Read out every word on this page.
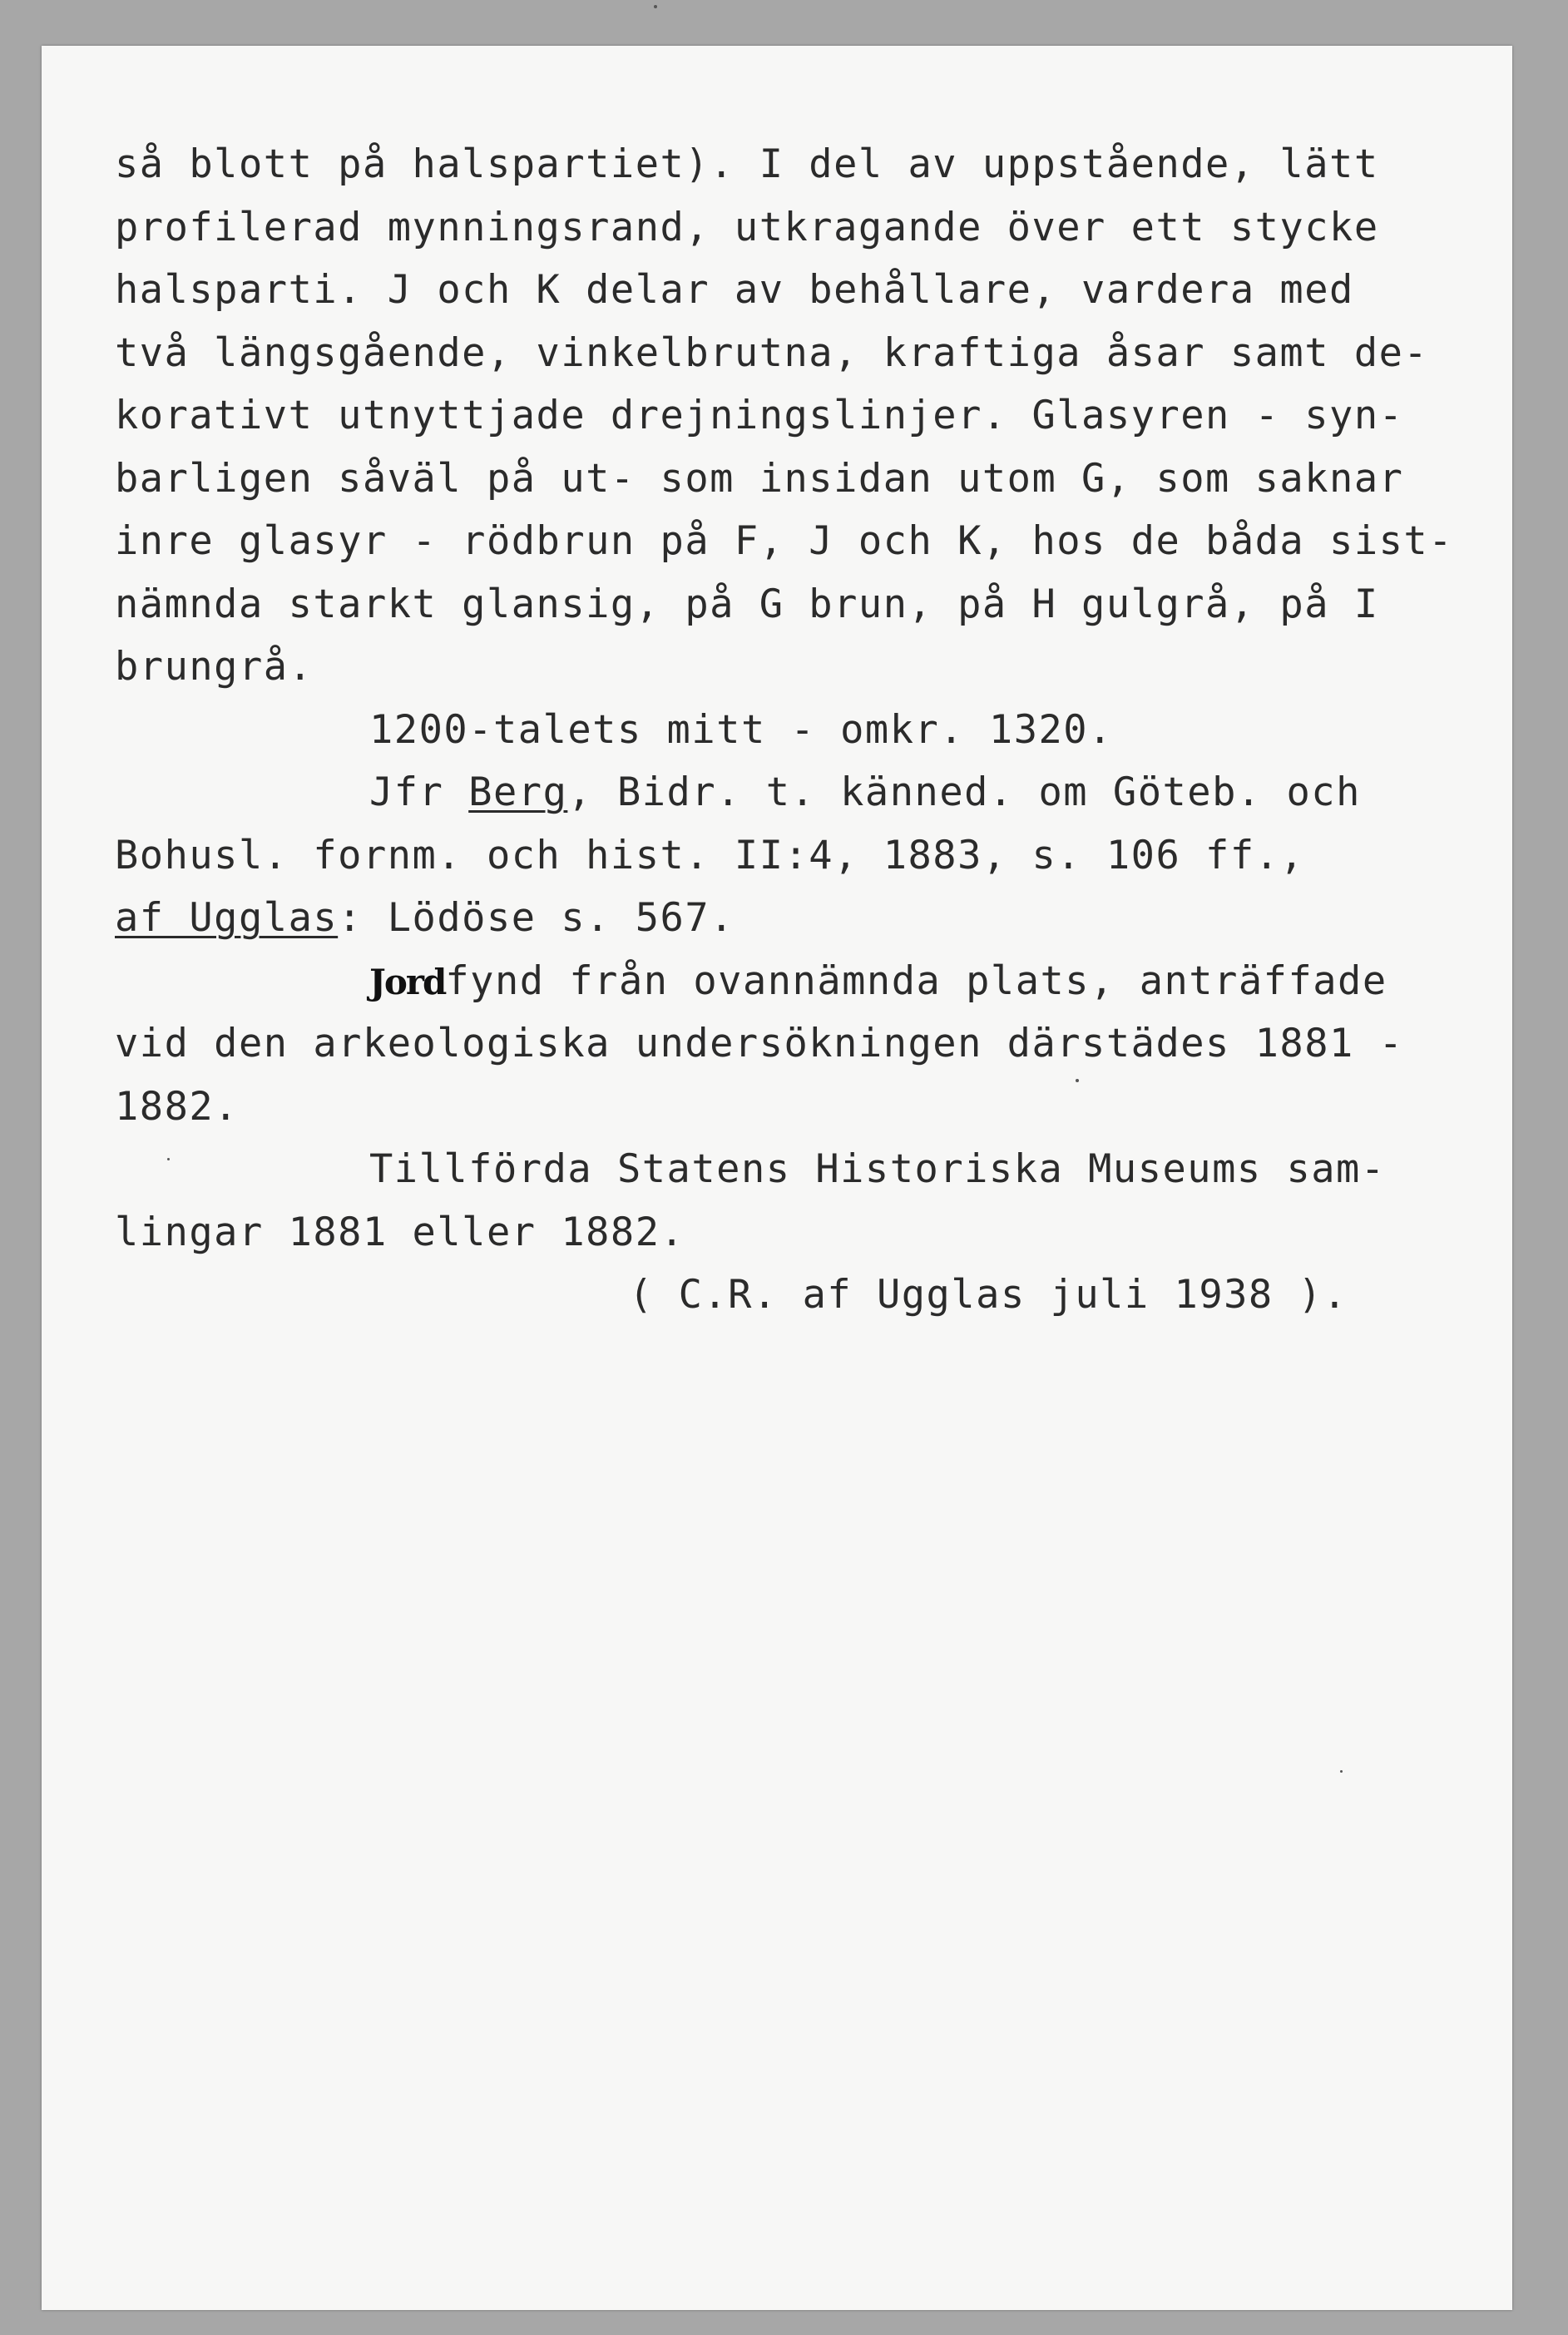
så blott på halspartiet). I del av uppstående, lätt
profilerad mynningsrand, utkragande över ett stycke
halsparti. J och K delar av behållare, vardera med
två längsgående, vinkelbrutna, kraftiga åsar samt de-
korativt utnyttjade drejningslinjer. Glasyren - syn-
barligen såväl på ut- som insidan utom G, som saknar
inre glasyr - rödbrun på F, J och K, hos de båda sist-
nämnda starkt glansig, på G brun, på H gulgrå, på I
brungrå.
1200-talets mitt - omkr. 1320.
Jfr Berg, Bidr. t. känned. om Göteb. och
Bohusl. fornm. och hist. II:4, 1883, s. 106 ff.,
af Ugglas: Lödöse s. 567.
Jordfynd från ovannämnda plats, anträffade
vid den arkeologiska undersökningen därstädes 1881 -
1882.
Tillförda Statens Historiska Museums sam-
lingar 1881 eller 1882.
( C.R. af Ugglas juli 1938 ).
